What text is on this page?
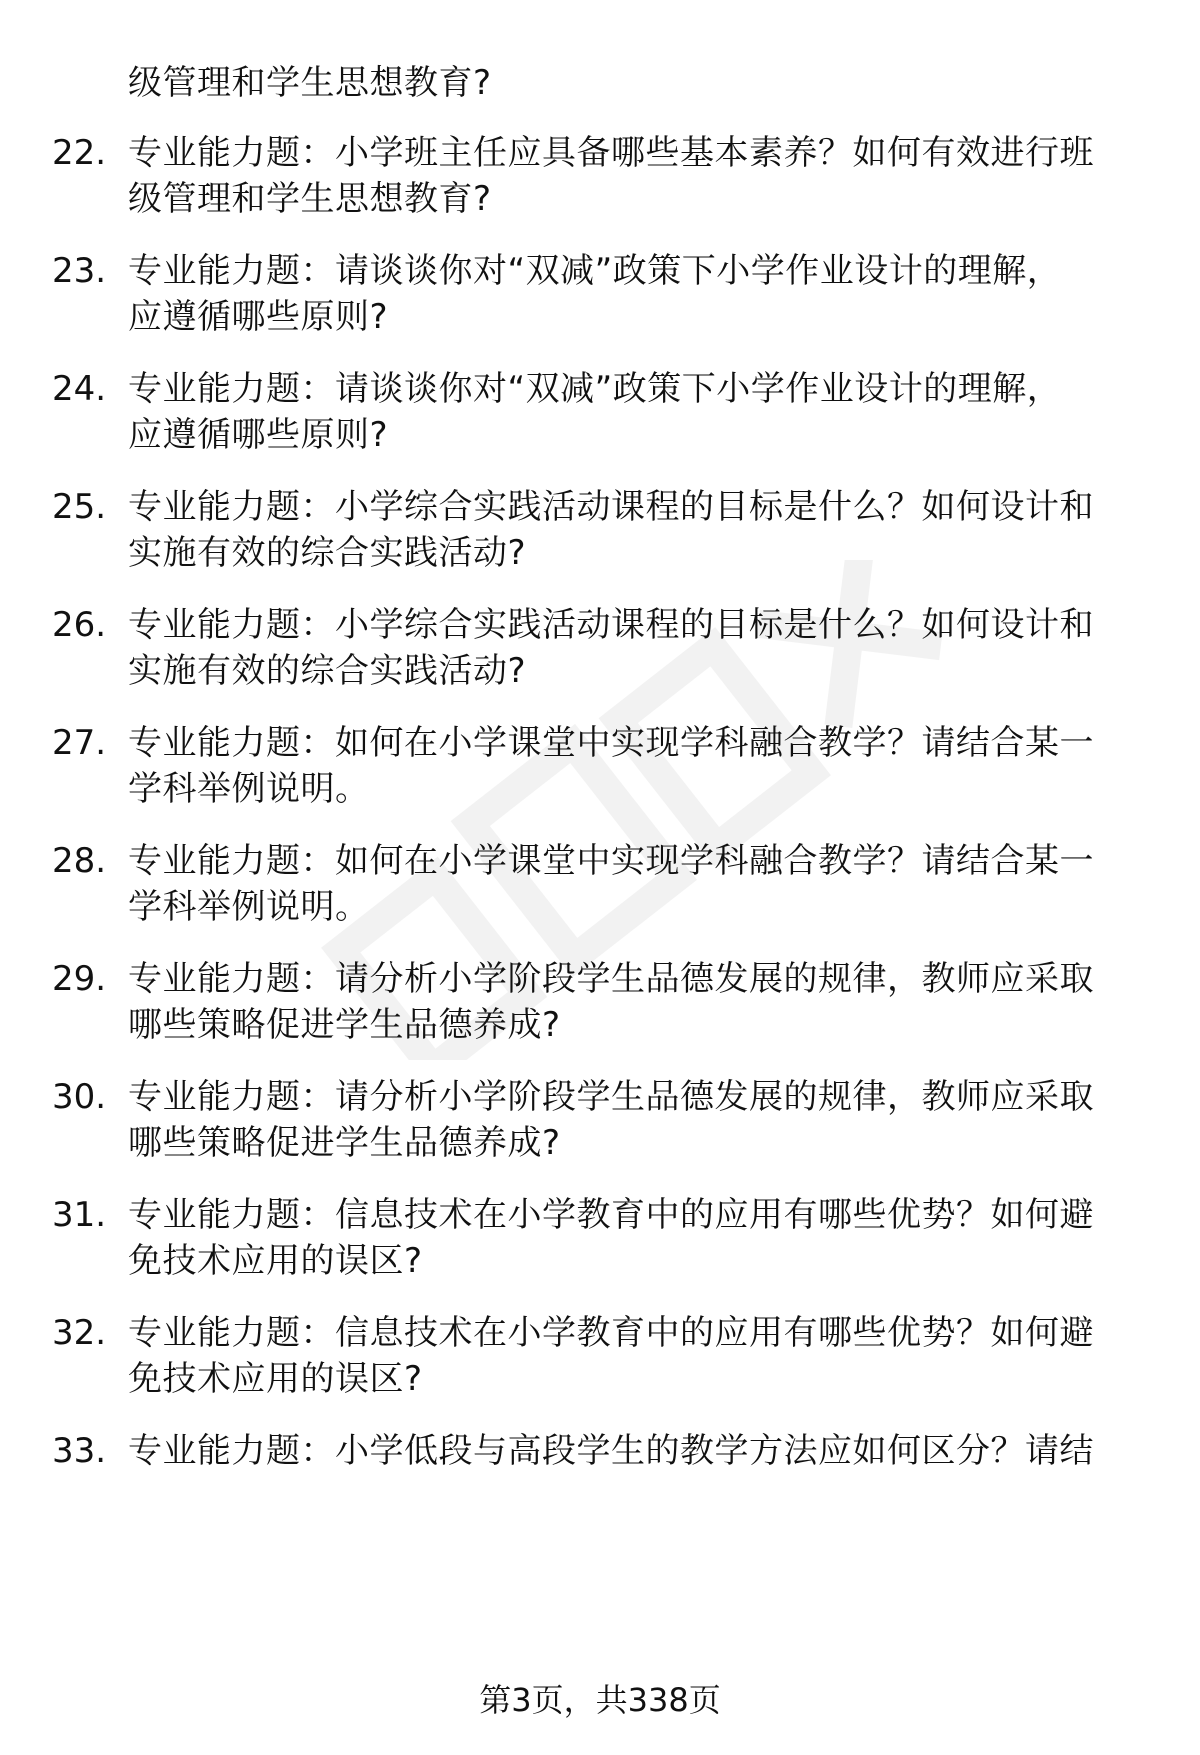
级管理和学生思想教育?
22. 专业能力题：小学班主任应具备哪些基本素养？如何有效进行班
级管理和学生思想教育?
23. 专业能力题：请谈谈你对“双减”政策下小学作业设计的理解，
应遵循哪些原则?
24. 专业能力题：请谈谈你对“双减”政策下小学作业设计的理解，
应遵循哪些原则?
25. 专业能力题：小学综合实践活动课程的目标是什么？如何设计和
实施有效的综合实践活动?
26. 专业能力题：小学综合实践活动课程的目标是什么？如何设计和
实施有效的综合实践活动?
27. 专业能力题：如何在小学课堂中实现学科融合教学？请结合某一
学科举例说明。
28. 专业能力题：如何在小学课堂中实现学科融合教学？请结合某一
学科举例说明。
29. 专业能力题：请分析小学阶段学生品德发展的规律，教师应采取
哪些策略促进学生品德养成?
30. 专业能力题：请分析小学阶段学生品德发展的规律，教师应采取
哪些策略促进学生品德养成?
31. 专业能力题：信息技术在小学教育中的应用有哪些优势？如何避
免技术应用的误区?
32. 专业能力题：信息技术在小学教育中的应用有哪些优势？如何避
免技术应用的误区?
33. 专业能力题：小学低段与高段学生的教学方法应如何区分？请结
第3页，共338页
